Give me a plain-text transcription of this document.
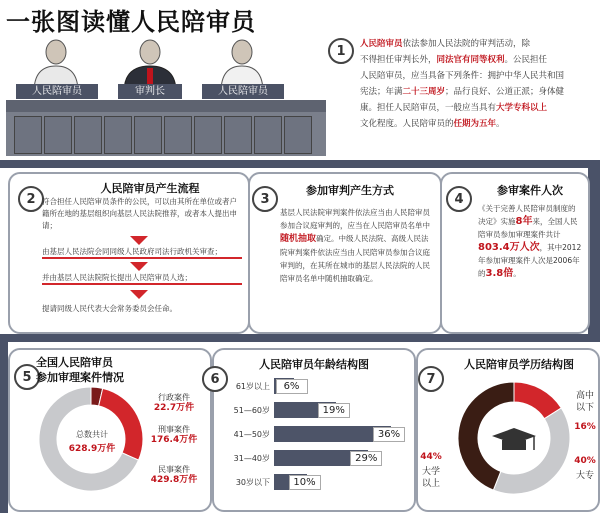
一张图读懂人民陪审员
人民陪审员	审判长	人民陪审员
1	人民陪审员依法参加人民法院的审判活动，除
不得担任审判长外，同法官有同等权利。公民担任
人民陪审员，应当具备下列条件：拥护中华人民共和国
宪法；年满二十三周岁；品行良好、公道正派；身体健
康。担任人民陪审员，一般应当具有大学专科以上
文化程度。人民陪审员的任期为五年。
2
人民陪审员产生流程
符合担任人民陪审员条件的公民，可以由其所在单位或者户籍所在地的基层组织向基层人民法院推荐，或者本人提出申请；
由基层人民法院会同同级人民政府司法行政机关审查；
并由基层人民法院院长提出人民陪审员人选；
提请同级人民代表大会常务委员会任命。
3
参加审判产生方式
基层人民法院审判案件依法应当由人民陪审员参加合议庭审判的，应当在人民陪审员名单中随机抽取确定。中级人民法院、高级人民法院审判案件依法应当由人民陪审员参加合议庭审判的，在其所在城市的基层人民法院的人民陪审员名单中随机抽取确定。
4
参审案件人次
《关于完善人民陪审员制度的决定》实施8年来，全国人民陪审员参加审理案件共计803.4万人次，其中2012年参加审理案件人次是2006年的3.8倍。
5
全国人民陪审员
参加审理案件情况
总数共计
628.9万件
行政案件
22.7万件
刑事案件
176.4万件
民事案件
429.8万件
6
人民陪审员年龄结构图
61岁以上	6%
51—60岁	19%
41—50岁	36%
31—40岁	29%
30岁以下	10%
7
人民陪审员学历结构图
高中
以下
16%
大专
40%
大学
以上
44%
